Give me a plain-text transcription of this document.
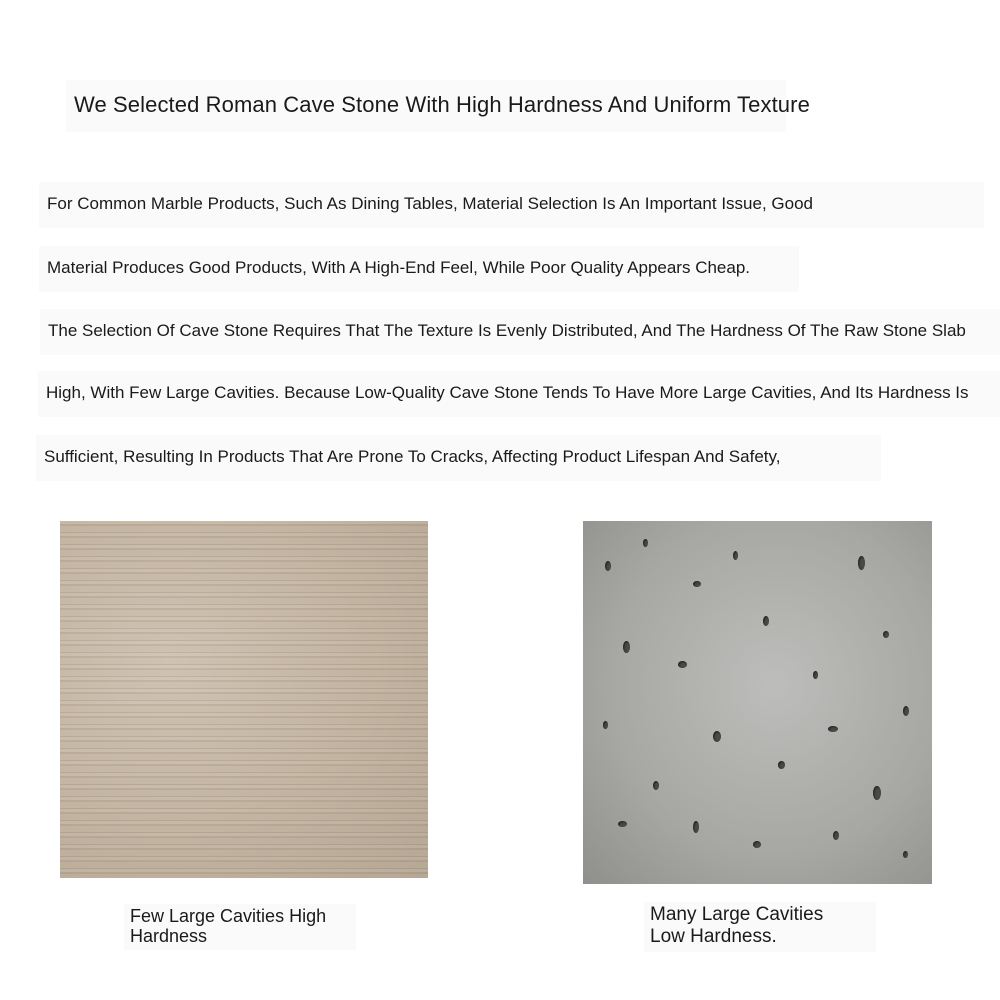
We Selected Roman Cave Stone With High Hardness And Uniform Texture
For Common Marble Products, Such As Dining Tables, Material Selection Is An Important Issue, Good
Material Produces Good Products, With A High-End Feel, While Poor Quality Appears Cheap.
The Selection Of Cave Stone Requires That The Texture Is Evenly Distributed, And The Hardness Of The Raw Stone Slab
High, With Few Large Cavities. Because Low-Quality Cave Stone Tends To Have More Large Cavities, And Its Hardness Is
Sufficient, Resulting In Products That Are Prone To Cracks, Affecting Product Lifespan And Safety,
Few Large Cavities High
Hardness
Many Large Cavities
Low Hardness.
